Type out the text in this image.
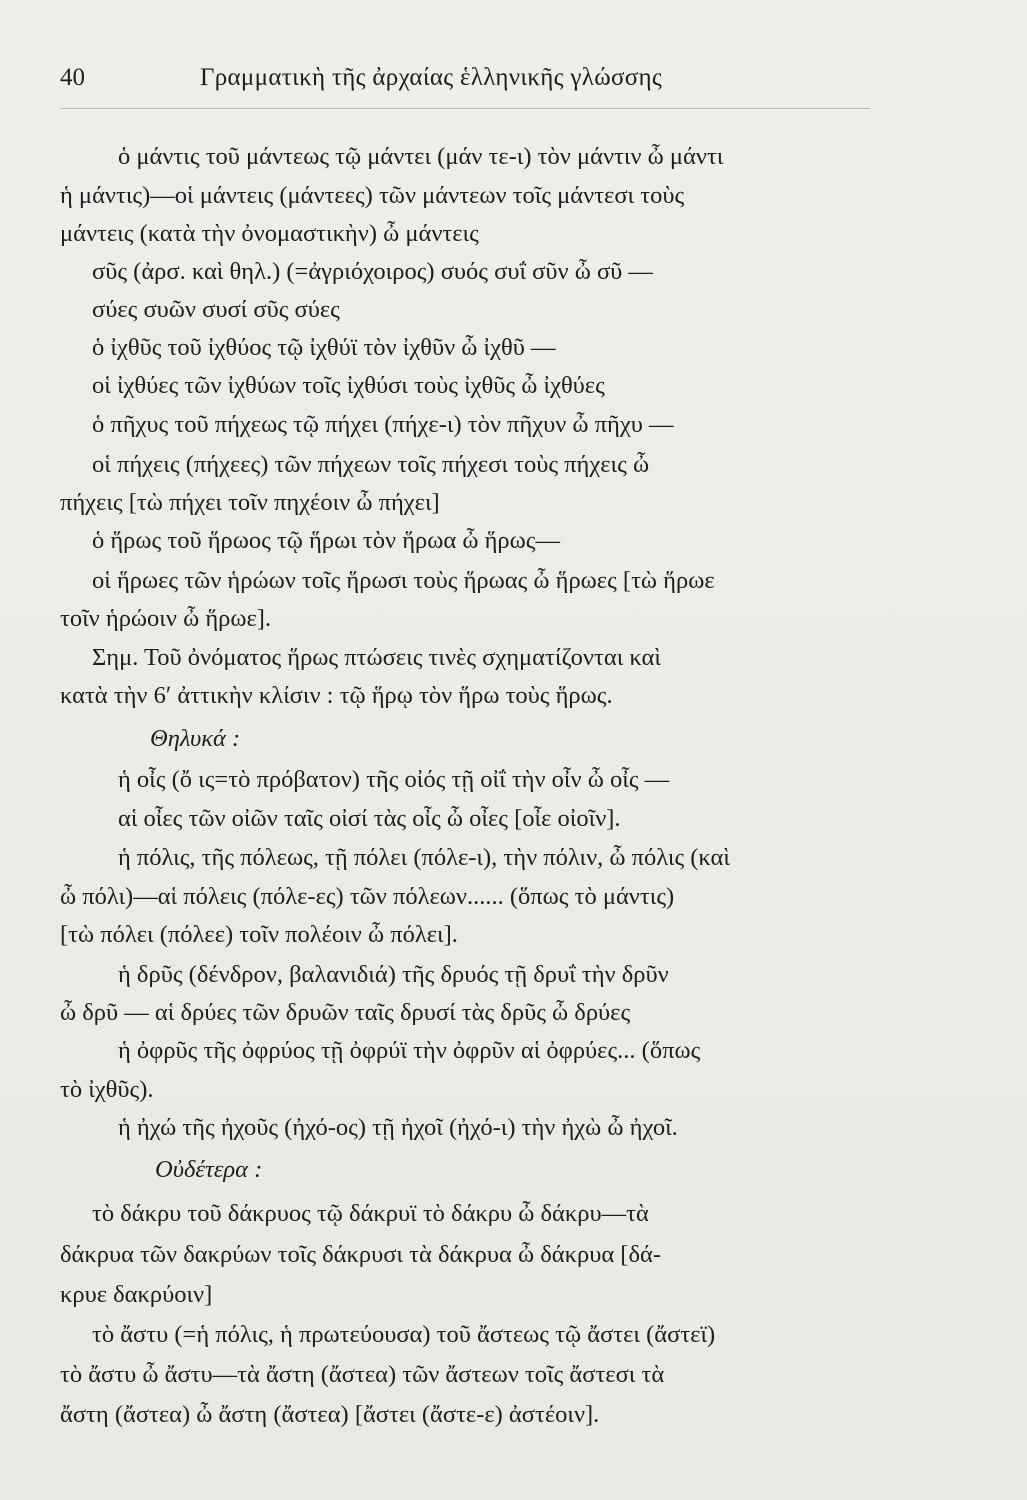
40	Γραμματικὴ τῆς ἀρχαίας ἑλληνικῆς γλώσσης
ὁ μάντις τοῦ μάντεως τῷ μάντει (μάν τε-ι) τὸν μάντιν ὦ μάντι
ἡ μάντις)—οἱ μάντεις (μάντεες) τῶν μάντεων τοῖς μάντεσι τοὺς
μάντεις (κατὰ τὴν ὀνομαστικὴν) ὦ μάντεις
σῦς (ἀρσ. καὶ θηλ.) (=ἀγριόχοιρος) συός συΐ σῦν ὦ σῦ —
σύες συῶν συσί σῦς σύες
ὁ ἰχθῦς τοῦ ἰχθύος τῷ ἰχθύϊ τὸν ἰχθῦν ὦ ἰχθῦ —
οἱ ἰχθύες τῶν ἰχθύων τοῖς ἰχθύσι τοὺς ἰχθῦς ὦ ἰχθύες
ὁ πῆχυς τοῦ πήχεως τῷ πήχει (πήχε-ι) τὸν πῆχυν ὦ πῆχυ —
οἱ πήχεις (πήχεες) τῶν πήχεων τοῖς πήχεσι τοὺς πήχεις ὦ
πήχεις [τὼ πήχει τοῖν πηχέοιν ὦ πήχει]
ὁ ἥρως τοῦ ἥρωος τῷ ἥρωι τὸν ἥρωα ὦ ἥρως—
οἱ ἥρωες τῶν ἡρώων τοῖς ἥρωσι τοὺς ἥρωας ὦ ἥρωες [τὼ ἥρωε
τοῖν ἡρώοιν ὦ ἥρωε].
Σημ. Τοῦ ὀνόματος ἥρως πτώσεις τινὲς σχηματίζονται καὶ
κατὰ τὴν 6ʹ ἀττικὴν κλίσιν : τῷ ἥρῳ τὸν ἥρω τοὺς ἥρως.
Θηλυκά :
ἡ οἶς (ὄ ις=τὸ πρόβατον) τῆς οἰός τῇ οἰΐ τὴν οἶν ὦ οἶς —
αἱ οἶες τῶν οἰῶν ταῖς οἰσί τὰς οἶς ὦ οἶες [οἶε οἰοῖν].
ἡ πόλις, τῆς πόλεως, τῇ πόλει (πόλε-ι), τὴν πόλιν, ὦ πόλις (καὶ
ὦ πόλι)—αἱ πόλεις (πόλε-ες) τῶν πόλεων...... (ὅπως τὸ μάντις)
[τὼ πόλει (πόλεε) τοῖν πολέοιν ὦ πόλει].
ἡ δρῦς (δένδρον, βαλανιδιά) τῆς δρυός τῇ δρυΐ τὴν δρῦν
ὦ δρῦ — αἱ δρύες τῶν δρυῶν ταῖς δρυσί τὰς δρῦς ὦ δρύες
ἡ ὀφρῦς τῆς ὀφρύος τῇ ὀφρύϊ τὴν ὀφρῦν αἱ ὀφρύες... (ὅπως
τὸ ἰχθῦς).
ἡ ἠχώ τῆς ἠχοῦς (ἠχό-ος) τῇ ἠχοῖ (ἠχό-ι) τὴν ἠχὼ ὦ ἠχοῖ.
Οὐδέτερα :
τὸ δάκρυ τοῦ δάκρυος τῷ δάκρυϊ τὸ δάκρυ ὦ δάκρυ—τὰ
δάκρυα τῶν δακρύων τοῖς δάκρυσι τὰ δάκρυα ὦ δάκρυα [δά-
κρυε δακρύοιν]
τὸ ἄστυ (=ἡ πόλις, ἡ πρωτεύουσα) τοῦ ἄστεως τῷ ἄστει (ἄστεϊ)
τὸ ἄστυ ὦ ἄστυ—τὰ ἄστη (ἄστεα) τῶν ἄστεων τοῖς ἄστεσι τὰ
ἄστη (ἄστεα) ὦ ἄστη (ἄστεα) [ἄστει (ἄστε-ε) ἀστέοιν].
